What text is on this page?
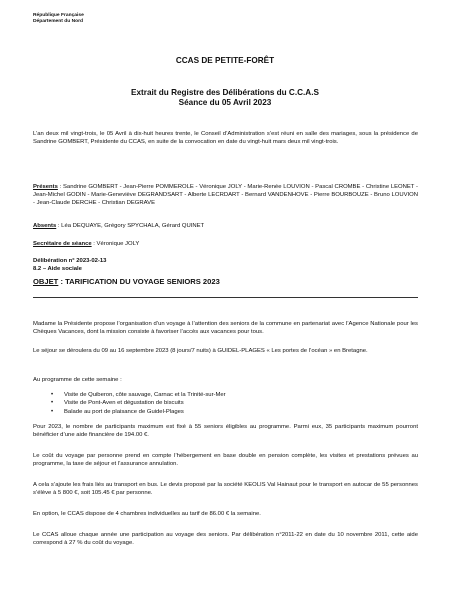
République Française
Département du Nord
CCAS DE PETITE-FORÊT
Extrait du Registre des Délibérations du C.C.A.S
Séance du 05 Avril 2023
L’an deux mil vingt-trois, le 05 Avril à dix-huit heures trente, le Conseil d’Administration s’est réuni en salle des mariages, sous la présidence de Sandrine GOMBERT, Présidente du CCAS, en suite de la convocation en date du vingt-huit mars deux mil vingt-trois.
Présents : Sandrine GOMBERT - Jean-Pierre POMMEROLE - Véronique JOLY - Marie-Renée LOUVION - Pascal CROMBE - Christine LEONET - Jean-Michel GODIN - Marie-Geneviève DEGRANDSART - Alberte LECRDART - Bernard VANDENHOVE - Pierre BOURBOUZE - Bruno LOUVION - Jean-Claude DERCHE - Christian DEGRAVE
Absents : Léa DEQUAYE, Grégory SPYCHALA, Gérard QUINET
Secrétaire de séance : Véronique JOLY
Délibération n° 2023-02-13
8.2 – Aide sociale
OBJET : TARIFICATION DU VOYAGE SENIORS 2023
Madame la Présidente propose l’organisation d’un voyage à l’attention des seniors de la commune en partenariat avec l’Agence Nationale pour les Chèques Vacances, dont la mission consiste à favoriser l’accès aux vacances pour tous.
Le séjour se déroulera du 09 au 16 septembre 2023 (8 jours/7 nuits) à GUIDEL-PLAGES « Les portes de l’océan » en Bretagne.
Au programme de cette semaine :
• Visite de Quiberon, côte sauvage, Carnac et la Trinité-sur-Mer
• Visite de Pont-Aven et dégustation de biscuits
• Balade au port de plaisance de Guidel-Plages
Pour 2023, le nombre de participants maximum est fixé à 55 seniors éligibles au programme. Parmi eux, 35 participants maximum pourront bénéficier d’une aide financière de 194.00 €.
Le coût du voyage par personne prend en compte l’hébergement en base double en pension complète, les visites et prestations prévues au programme, la taxe de séjour et l’assurance annulation.
A cela s’ajoute les frais liés au transport en bus. Le devis proposé par la société KEOLIS Val Hainaut pour le transport en autocar de 55 personnes s’élève à 5 800 €, soit 105.45 € par personne.
En option, le CCAS dispose de 4 chambres individuelles au tarif de 86.00 € la semaine.
Le CCAS alloue chaque année une participation au voyage des seniors. Par délibération n°2011-22 en date du 10 novembre 2011, cette aide correspond à 27 % du coût du voyage.
